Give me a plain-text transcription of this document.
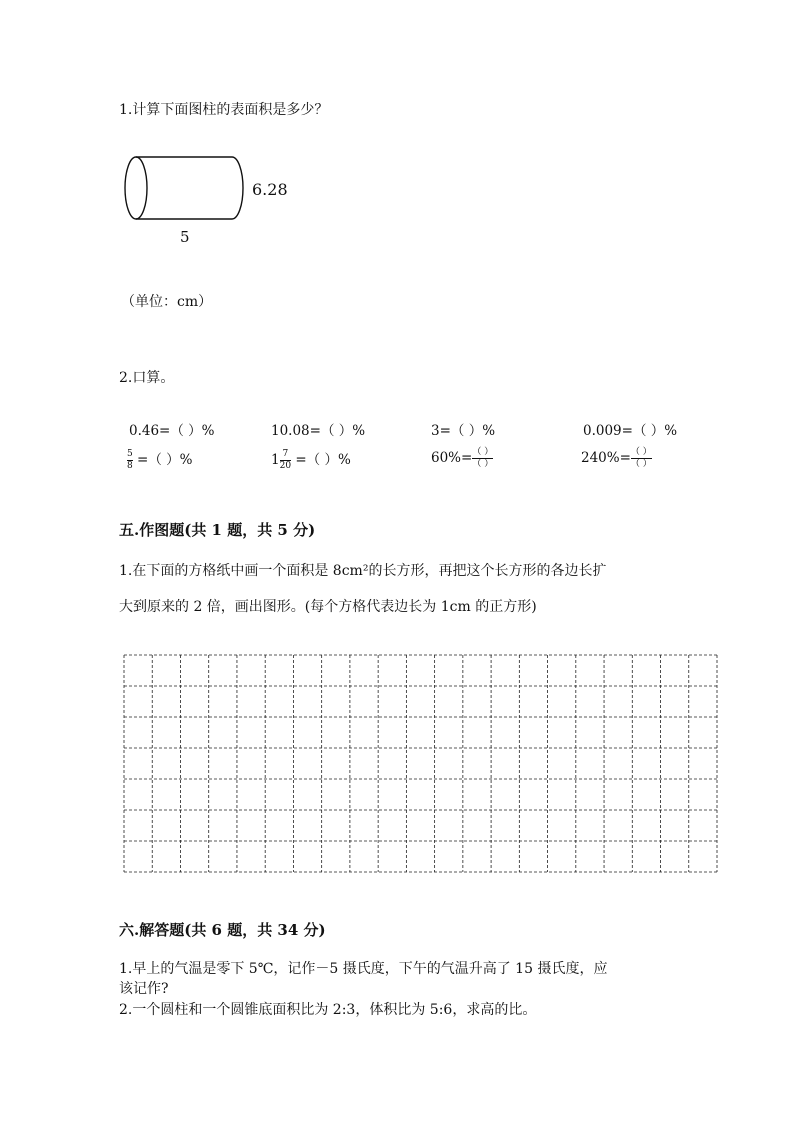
1.计算下面图柱的表面积是多少？
6.28
5
（单位：cm）
2.口算。
0.46=（ ）%	10.08=（ ）%	3=（ ）%	0.009=（ ）%
$\frac{5}{8}$ =（ ）%	$1 \frac{7}{20}$ =（ ）%	$60\%= \frac{( )}{( )}$	$240\%= \frac{( )}{( )}$
五.作图题(共 1 题，共 5 分)
1.在下面的方格纸中画一个面积是 8cm²的长方形，再把这个长方形的各边长扩
大到原来的 2 倍，画出图形。(每个方格代表边长为 1cm 的正方形)
六.解答题(共 6 题，共 34 分)
1.早上的气温是零下 5℃，记作－5 摄氏度，下午的气温升高了 15 摄氏度，应
该记作?
2.一个圆柱和一个圆锥底面积比为 2:3，体积比为 5:6，求高的比。
